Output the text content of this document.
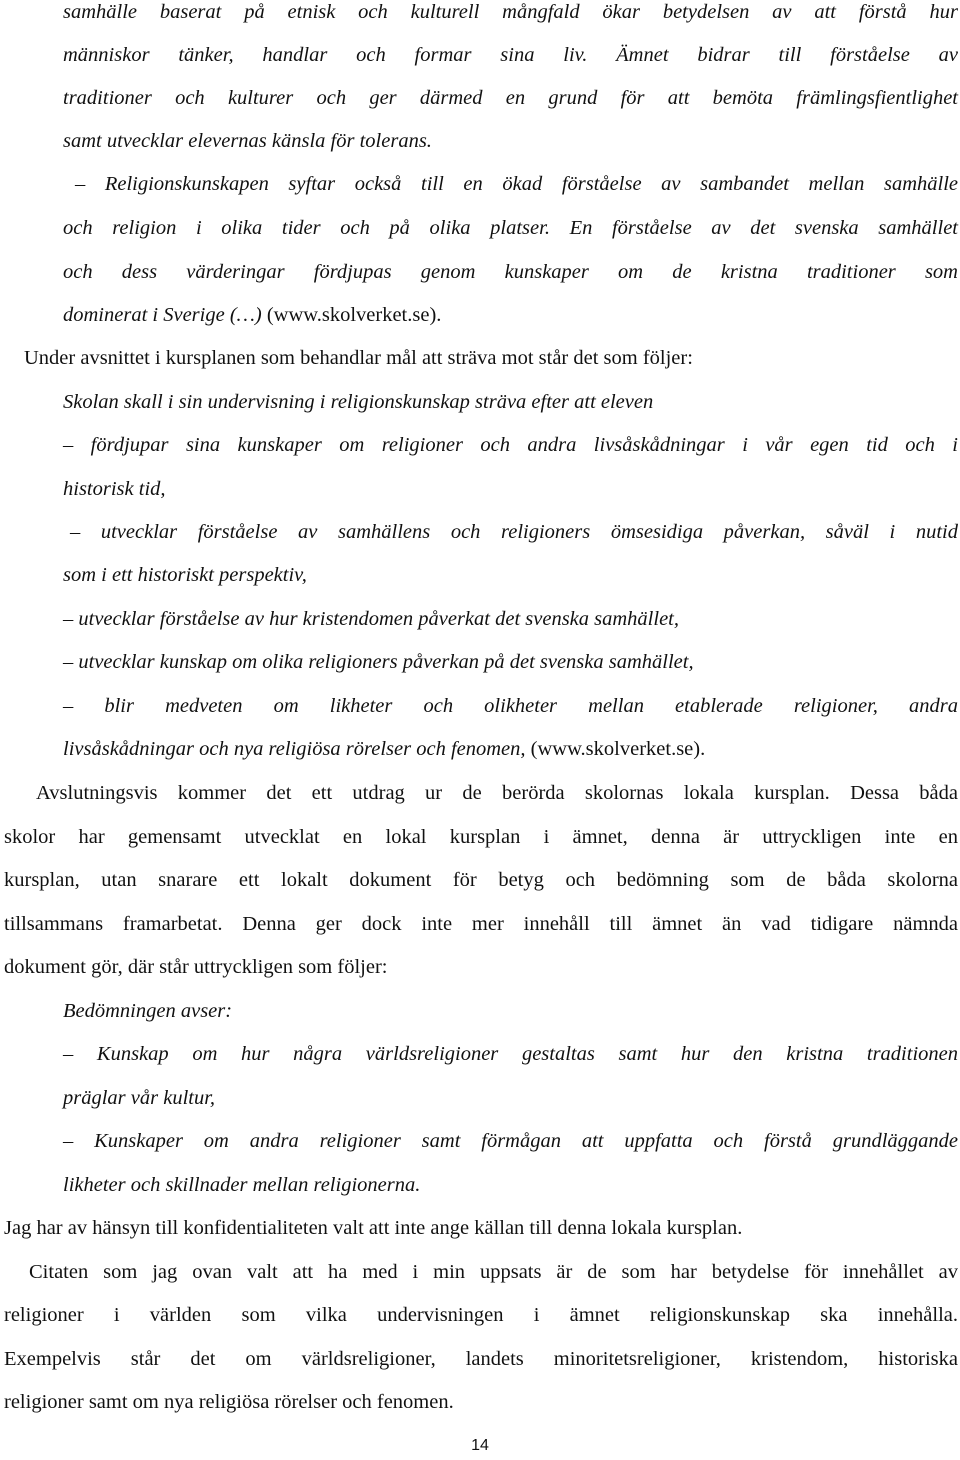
samhälle baserat på etnisk och kulturell mångfald ökar betydelsen av att förstå hur
människor tänker, handlar och formar sina liv. Ämnet bidrar till förståelse av
traditioner och kulturer och ger därmed en grund för att bemöta främlingsfientlighet
samt utvecklar elevernas känsla för tolerans.
– Religionskunskapen syftar också till en ökad förståelse av sambandet mellan samhälle
och religion i olika tider och på olika platser. En förståelse av det svenska samhället
och dess värderingar fördjupas genom kunskaper om de kristna traditioner som
dominerat i Sverige (…) (www.skolverket.se).
Under avsnittet i kursplanen som behandlar mål att sträva mot står det som följer:
Skolan skall i sin undervisning i religionskunskap sträva efter att eleven
– fördjupar sina kunskaper om religioner och andra livsåskådningar i vår egen tid och i
historisk tid,
– utvecklar förståelse av samhällens och religioners ömsesidiga påverkan, såväl i nutid
som i ett historiskt perspektiv,
– utvecklar förståelse av hur kristendomen påverkat det svenska samhället,
– utvecklar kunskap om olika religioners påverkan på det svenska samhället,
– blir medveten om likheter och olikheter mellan etablerade religioner, andra
livsåskådningar och nya religiösa rörelser och fenomen, (www.skolverket.se).
Avslutningsvis kommer det ett utdrag ur de berörda skolornas lokala kursplan. Dessa båda
skolor har gemensamt utvecklat en lokal kursplan i ämnet, denna är uttryckligen inte en
kursplan, utan snarare ett lokalt dokument för betyg och bedömning som de båda skolorna
tillsammans framarbetat. Denna ger dock inte mer innehåll till ämnet än vad tidigare nämnda
dokument gör, där står uttryckligen som följer:
Bedömningen avser:
– Kunskap om hur några världsreligioner gestaltas samt hur den kristna traditionen
präglar vår kultur,
– Kunskaper om andra religioner samt förmågan att uppfatta och förstå grundläggande
likheter och skillnader mellan religionerna.
Jag har av hänsyn till konfidentialiteten valt att inte ange källan till denna lokala kursplan.
Citaten som jag ovan valt att ha med i min uppsats är de som har betydelse för innehållet av
religioner i världen som vilka undervisningen i ämnet religionskunskap ska innehålla.
Exempelvis står det om världsreligioner, landets minoritetsreligioner, kristendom, historiska
religioner samt om nya religiösa rörelser och fenomen.
14
